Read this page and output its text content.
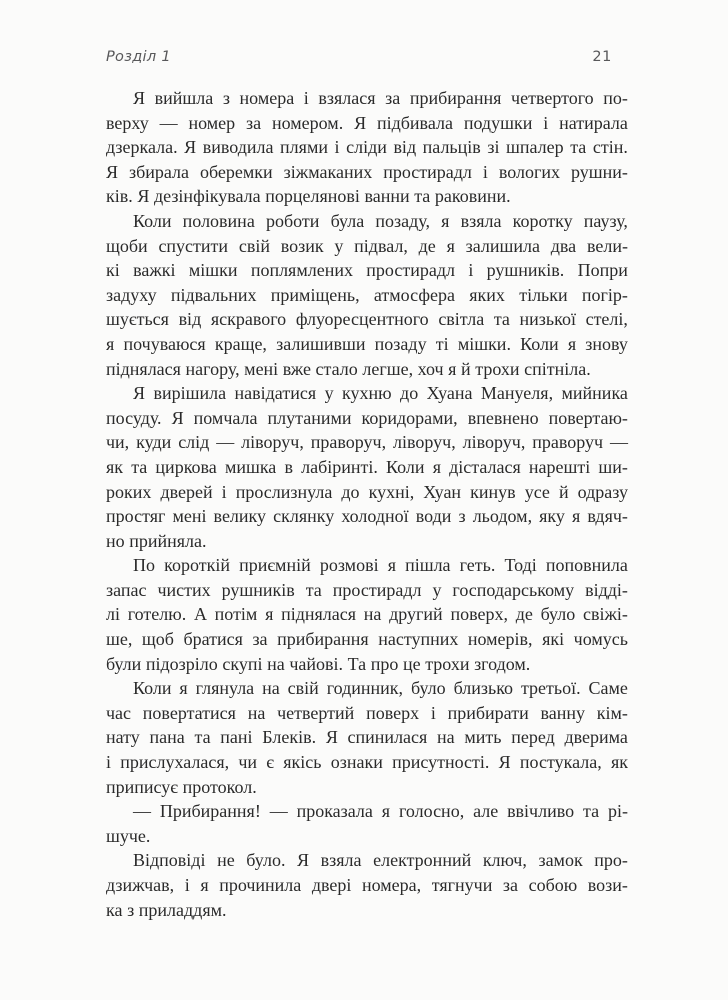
Розділ 1	21
Я вийшла з номера і взялася за прибирання четвертого по-
верху — номер за номером. Я підбивала подушки і натирала
дзеркала. Я виводила плями і сліди від пальців зі шпалер та стін.
Я збирала оберемки зіжмаканих простирадл і вологих рушни-
ків. Я дезінфікувала порцелянові ванни та раковини.
Коли половина роботи була позаду, я взяла коротку паузу,
щоби спустити свій возик у підвал, де я залишила два вели-
кі важкі мішки поплямлених простирадл і рушників. Попри
задуху підвальних приміщень, атмосфера яких тільки погір-
шується від яскравого флуоресцентного світла та низької стелі,
я почуваюся краще, залишивши позаду ті мішки. Коли я знову
піднялася нагору, мені вже стало легше, хоч я й трохи спітніла.
Я вирішила навідатися у кухню до Хуана Мануеля, мийника
посуду. Я помчала плутаними коридорами, впевнено повертаю-
чи, куди слід — ліворуч, праворуч, ліворуч, ліворуч, праворуч —
як та циркова мишка в лабіринті. Коли я дісталася нарешті ши-
роких дверей і прослизнула до кухні, Хуан кинув усе й одразу
простяг мені велику склянку холодної води з льодом, яку я вдяч-
но прийняла.
По короткій приємній розмові я пішла геть. Тоді поповнила
запас чистих рушників та простирадл у господарському відді-
лі готелю. А потім я піднялася на другий поверх, де було свіжі-
ше, щоб братися за прибирання наступних номерів, які чомусь
були підозріло скупі на чайові. Та про це трохи згодом.
Коли я глянула на свій годинник, було близько третьої. Саме
час повертатися на четвертий поверх і прибирати ванну кім-
нату пана та пані Блеків. Я спинилася на мить перед дверима
і прислухалася, чи є якісь ознаки присутності. Я постукала, як
приписує протокол.
— Прибирання! — проказала я голосно, але ввічливо та рі-
шуче.
Відповіді не було. Я взяла електронний ключ, замок про-
дзижчав, і я прочинила двері номера, тягнучи за собою вози-
ка з приладдям.
